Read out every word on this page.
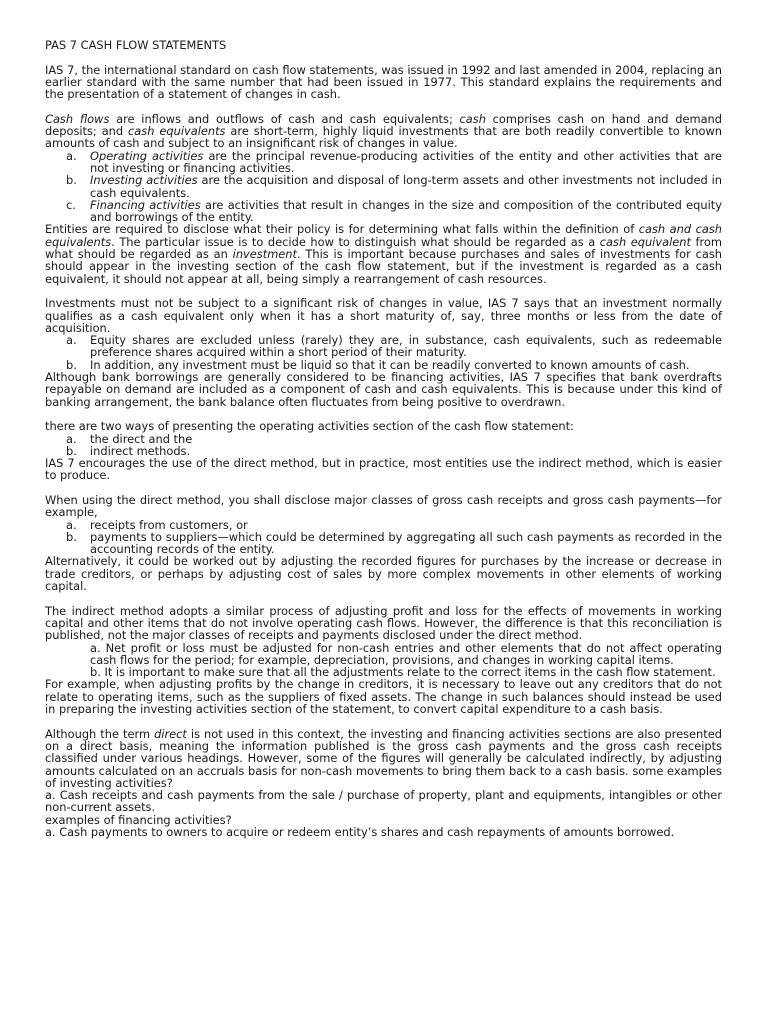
PAS 7 CASH FLOW STATEMENTS

IAS 7, the international standard on cash flow statements, was issued in 1992 and last amended in 2004, replacing an earlier standard with the same number that had been issued in 1977. This standard explains the requirements and the presentation of a statement of changes in cash.

Cash flows are inflows and outflows of cash and cash equivalents; cash comprises cash on hand and demand deposits; and cash equivalents are short-term, highly liquid investments that are both readily convertible to known amounts of cash and subject to an insignificant risk of changes in value.

a.	Operating activities are the principal revenue-producing activities of the entity and other activities that are not investing or financing activities.
b.	Investing activities are the acquisition and disposal of long-term assets and other investments not included in cash equivalents.
c.	Financing activities are activities that result in changes in the size and composition of the contributed equity and borrowings of the entity.

Entities are required to disclose what their policy is for determining what falls within the definition of cash and cash equivalents. The particular issue is to decide how to distinguish what should be regarded as a cash equivalent from what should be regarded as an investment. This is important because purchases and sales of investments for cash should appear in the investing section of the cash flow statement, but if the investment is regarded as a cash equivalent, it should not appear at all, being simply a rearrangement of cash resources.

Investments must not be subject to a significant risk of changes in value, IAS 7 says that an investment normally qualifies as a cash equivalent only when it has a short maturity of, say, three months or less from the date of acquisition.

a.	Equity shares are excluded unless (rarely) they are, in substance, cash equivalents, such as redeemable preference shares acquired within a short period of their maturity.
b.	In addition, any investment must be liquid so that it can be readily converted to known amounts of cash.

Although bank borrowings are generally considered to be financing activities, IAS 7 specifies that bank overdrafts repayable on demand are included as a component of cash and cash equivalents. This is because under this kind of banking arrangement, the bank balance often fluctuates from being positive to overdrawn.

there are two ways of presenting the operating activities section of the cash flow statement:

a.	the direct and the
b.	indirect methods.

IAS 7 encourages the use of the direct method, but in practice, most entities use the indirect method, which is easier to produce.

When using the direct method, you shall disclose major classes of gross cash receipts and gross cash payments—for example,

a.	receipts from customers, or
b.	payments to suppliers—which could be determined by aggregating all such cash payments as recorded in the accounting records of the entity.

Alternatively, it could be worked out by adjusting the recorded figures for purchases by the increase or decrease in trade creditors, or perhaps by adjusting cost of sales by more complex movements in other elements of working capital.

The indirect method adopts a similar process of adjusting profit and loss for the effects of movements in working capital and other items that do not involve operating cash flows. However, the difference is that this reconciliation is published, not the major classes of receipts and payments disclosed under the direct method.

a. Net profit or loss must be adjusted for non-cash entries and other elements that do not affect operating cash flows for the period; for example, depreciation, provisions, and changes in working capital items.

b. It is important to make sure that all the adjustments relate to the correct items in the cash flow statement.

For example, when adjusting profits by the change in creditors, it is necessary to leave out any creditors that do not relate to operating items, such as the suppliers of fixed assets. The change in such balances should instead be used in preparing the investing activities section of the statement, to convert capital expenditure to a cash basis.

Although the term direct is not used in this context, the investing and financing activities sections are also presented on a direct basis, meaning the information published is the gross cash payments and the gross cash receipts classified under various headings. However, some of the figures will generally be calculated indirectly, by adjusting amounts calculated on an accruals basis for non-cash movements to bring them back to a cash basis. some examples of investing activities?

a. Cash receipts and cash payments from the sale / purchase of property, plant and equipments, intangibles or other non-current assets.

examples of financing activities?

a. Cash payments to owners to acquire or redeem entity’s shares and cash repayments of amounts borrowed.
